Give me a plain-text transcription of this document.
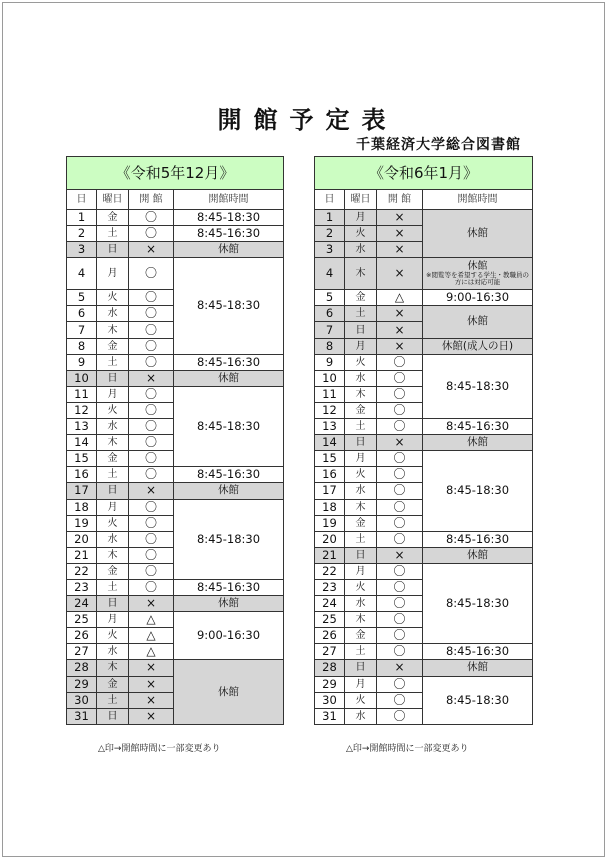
開館予定表
千葉経済大学総合図書館
《令和5年12月》			
日	曜日	開 館	開館時間
1	金	〇	8:45-18:30
2	土	〇	8:45-16:30
3	日	×	休館
4	月	〇	8:45-18:30
5	火	〇	
6	水	〇	
7	木	〇	
8	金	〇	
9	土	〇	8:45-16:30
10	日	×	休館
11	月	〇	8:45-18:30
12	火	〇	
13	水	〇	
14	木	〇	
15	金	〇	
16	土	〇	8:45-16:30
17	日	×	休館
18	月	〇	8:45-18:30
19	火	〇	
20	水	〇	
21	木	〇	
22	金	〇	
23	土	〇	8:45-16:30
24	日	×	休館
25	月	△	9:00-16:30
26	火	△	
27	水	△	
28	木	×	休館
29	金	×	
30	土	×	
31	日	×	
《令和6年1月》			
日	曜日	開 館	開館時間
1	月	×	休館
2	火	×	
3	水	×	
4	木	×	休館
※閲覧等を希望する学生・教職員の方には対応可能

5	金	△	9:00-16:30
6	土	×	休館
7	日	×	
8	月	×	休館(成人の日)
9	火	〇	8:45-18:30
10	水	〇	
11	木	〇	
12	金	〇	
13	土	〇	8:45-16:30
14	日	×	休館
15	月	〇	8:45-18:30
16	火	〇	
17	水	〇	
18	木	〇	
19	金	〇	
20	土	〇	8:45-16:30
21	日	×	休館
22	月	〇	8:45-18:30
23	火	〇	
24	水	〇	
25	木	〇	
26	金	〇	
27	土	〇	8:45-16:30
28	日	×	休館
29	月	〇	8:45-18:30
30	火	〇	
31	水	〇	
△印→開館時間に一部変更あり	△印→開館時間に一部変更あり
